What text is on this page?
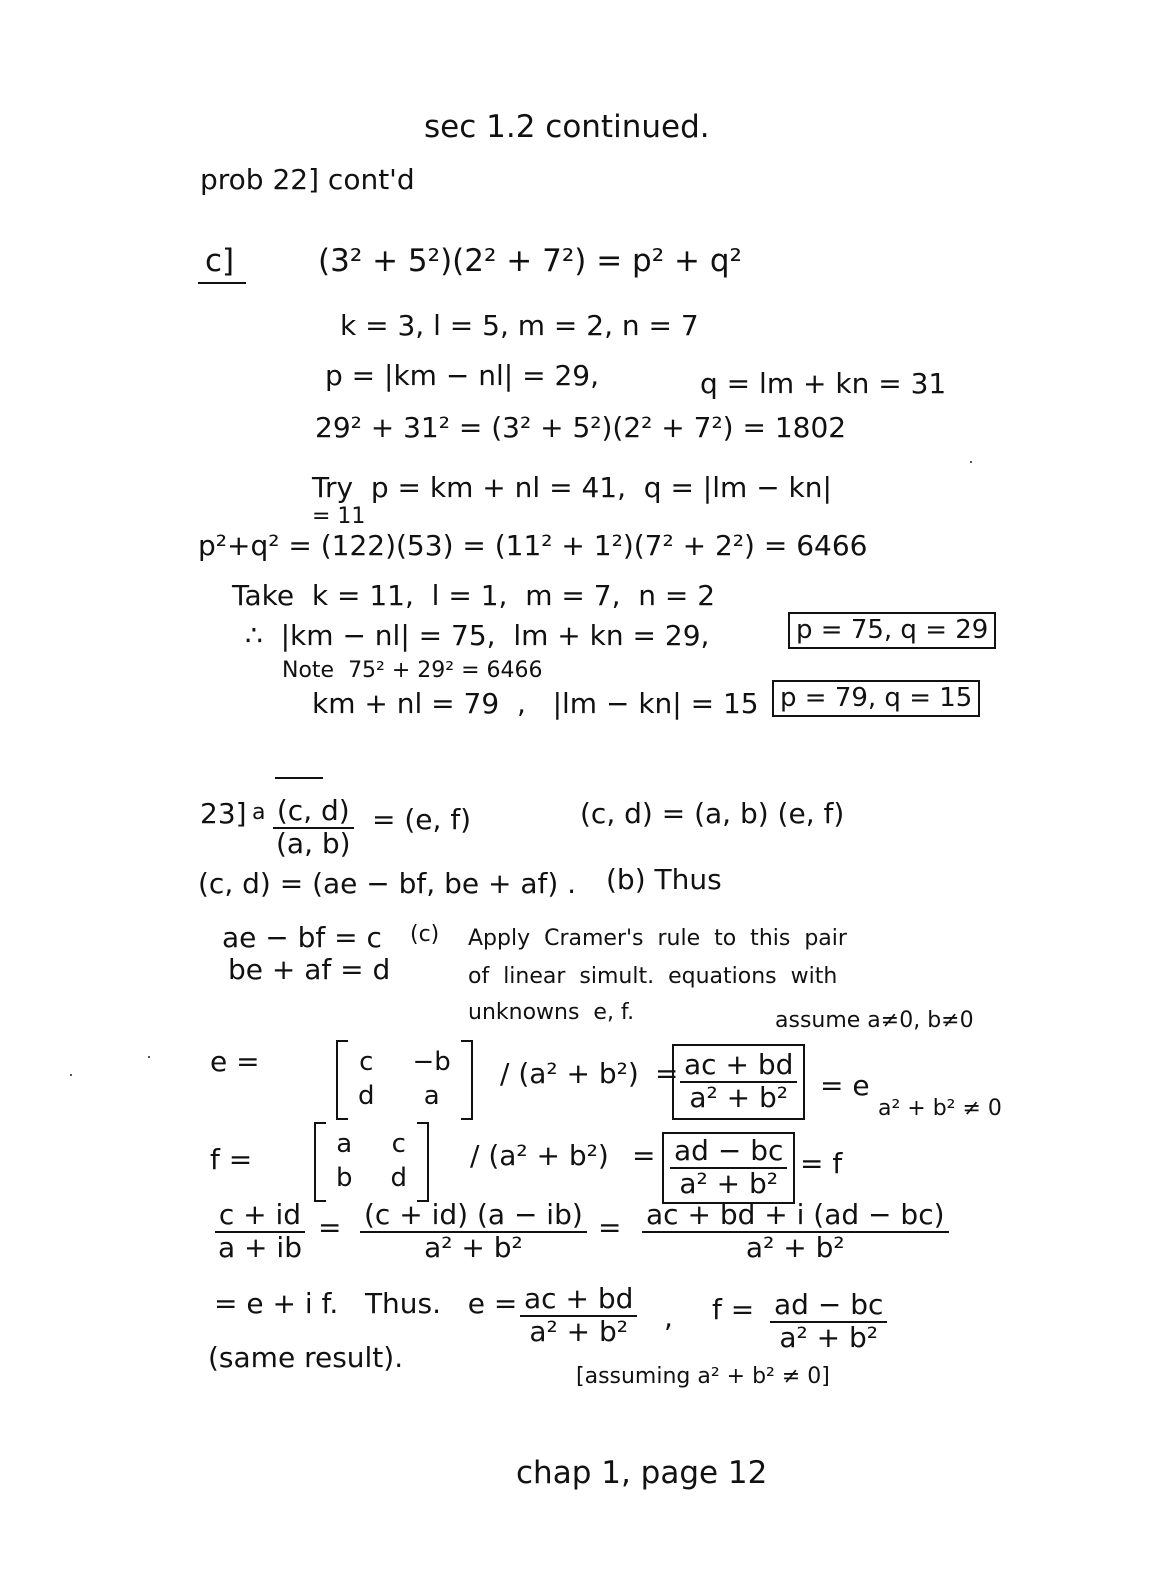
sec 1.2 continued.
prob 22] cont'd
c]	(3² + 5²)(2² + 7²) = p² + q²
k = 3, l = 5, m = 2, n = 7
p = |km − nl| = 29,	q = lm + kn = 31
29² + 31² = (3² + 5²)(2² + 7²) = 1802
Try  p = km + nl = 41,  q = |lm − kn|
= 11
p²+q² = (122)(53) = (11² + 1²)(7² + 2²) = 6466
Take  k = 11,  l = 1,  m = 7,  n = 2
∴  |km − nl| = 75,  lm + kn = 29,	p = 75, q = 29
Note  75² + 29² = 6466
km + nl = 79  ,   |lm − kn| = 15 p = 79, q = 15
23] a $\frac{(c, d)}{(a, b)} = (e$, f)	(c, d) = (a, b) (e, f)
(c, d) = (ae − bf, be + af) . (b) Thus
ae − bf = c
be + af = d
(c) Apply  Cramer's  rule  to  this  pair
of  linear  simult.  equations  with
unknowns  e, f.	assume a≠0, b≠0
e =	c −b
d	a
/ (a² + b²) =
$\frac{ac + bd}{\text{a² + b²}} = e$
a² + b² ≠ 0
f =	a c
b d
/ $(a^2 + b^2) = \frac{ad - bc}{\text{a² + b²}} = f$
$\frac{c + id}{a + ib} = \frac{(c + id) (a - ib)}{\text{a² + b²}} = \frac{ac + bd + i (ad - bc)}{\text{a² + b²}}$
= e + i f.   Thus.   $e = \frac{ac + bd}{\text{a² + b²}}$ , $f = \frac{ad - bc}{\text{a² + b²}}$
(same result).
[assuming a² + b² ≠ 0]
chap 1, page 12
